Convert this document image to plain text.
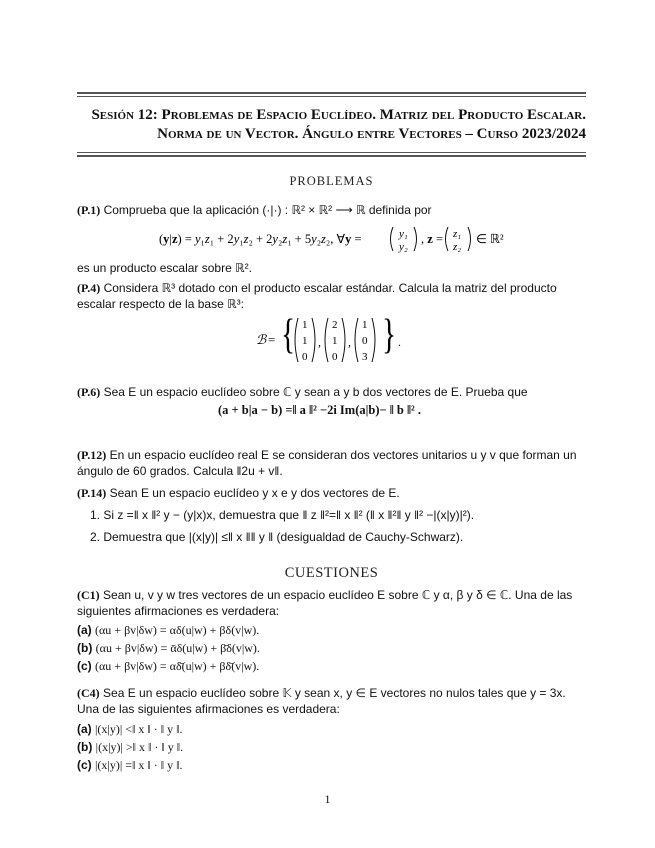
Sesión 12: Problemas de Espacio Euclídeo. Matriz del Producto Escalar.
Norma de un Vector. Ángulo entre Vectores – Curso 2023/2024
PROBLEMAS
(P.1) Comprueba que la aplicación (·|·) : ℝ² × ℝ² ⟶ ℝ definida por
(y|z) = y₁z₁ + 2y₁z₂ + 2y₂z₁ + 5y₂z₂, ∀y =	y₁
y₂
, z = z₁
z₂
∈ ℝ²
es un producto escalar sobre ℝ².
(P.4) Considera ℝ³ dotado con el producto escalar estándar. Calcula la matriz del producto escalar respecto de la base ℝ³:
ℬ = { 1
1
0
,
2
1
0
,
1
0
3 } .
(P.6) Sea E un espacio euclídeo sobre ℂ y sean a y b dos vectores de E. Prueba que
(a + b|a − b) =‖ a ‖² −2i Im(a|b)− ‖ b ‖² .
(P.12) En un espacio euclídeo real E se consideran dos vectores unitarios u y v que forman un ángulo de 60 grados. Calcula ‖2u + v‖.
(P.14) Sean E un espacio euclídeo y x e y dos vectores de E.
1. Si z =‖ x ‖² y − (y|x)x, demuestra que ‖ z ‖²=‖ x ‖² (‖ x ‖²‖ y ‖² −|(x|y)|²).
2. Demuestra que |(x|y)| ≤‖ x ‖‖ y ‖ (desigualdad de Cauchy-Schwarz).
CUESTIONES
(C1) Sean u, v y w tres vectores de un espacio euclídeo E sobre ℂ y α, β y δ ∈ ℂ. Una de las siguientes afirmaciones es verdadera:
(a) (αu + βv|δw) = αδ(u|w) + βδ(v|w).
(b) (αu + βv|δw) = ᾱδ(u|w) + β̄δ(v|w).
(c) (αu + βv|δw) = αδ̄(u|w) + βδ̄(v|w).
(C4) Sea E un espacio euclídeo sobre 𝕂 y sean x, y ∈ E vectores no nulos tales que y = 3x. Una de las siguientes afirmaciones es verdadera:
(a) |(x|y)| <‖ x ‖ · ‖ y ‖.
(b) |(x|y)| >‖ x ‖ · ‖ y ‖.
(c) |(x|y)| =‖ x ‖ · ‖ y ‖.
1
